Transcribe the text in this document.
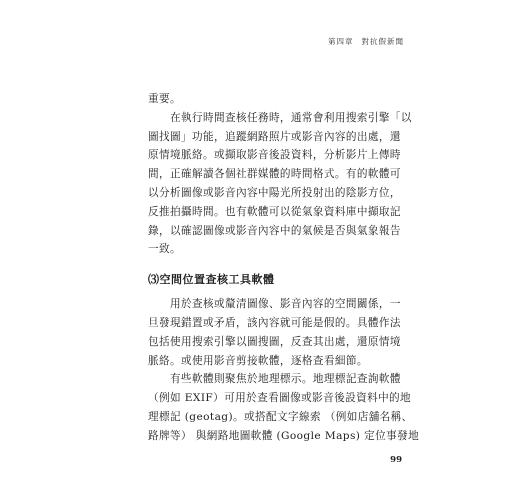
第四章 對抗假新聞
重要。
在執行時間查核任務時，通常會利用搜索引擎「以
圖找圖」功能，追蹤網路照片或影音內容的出處，還
原情境脈絡。或擷取影音後設資料，分析影片上傳時
間，正確解讀各個社群媒體的時間格式。有的軟體可
以分析圖像或影音內容中陽光所投射出的陰影方位，
反推拍攝時間。也有軟體可以從氣象資料庫中擷取記
錄，以確認圖像或影音內容中的氣候是否與氣象報告
一致。
⑶空間位置查核工具軟體
用於查核或釐清圖像、影音內容的空間關係，一
旦發現錯置或矛盾，該內容就可能是假的。具體作法
包括使用搜索引擎以圖搜圖，反查其出處，還原情境
脈絡。或使用影音剪接軟體，逐格查看細節。
有些軟體則聚焦於地理標示。地理標記查詢軟體
（例如 EXIF）可用於查看圖像或影音後設資料中的地
理標記 (geotag)。或搭配文字線索 （例如店舖名稱、
路牌等） 與網路地圖軟體 (Google Maps) 定位事發地
99
